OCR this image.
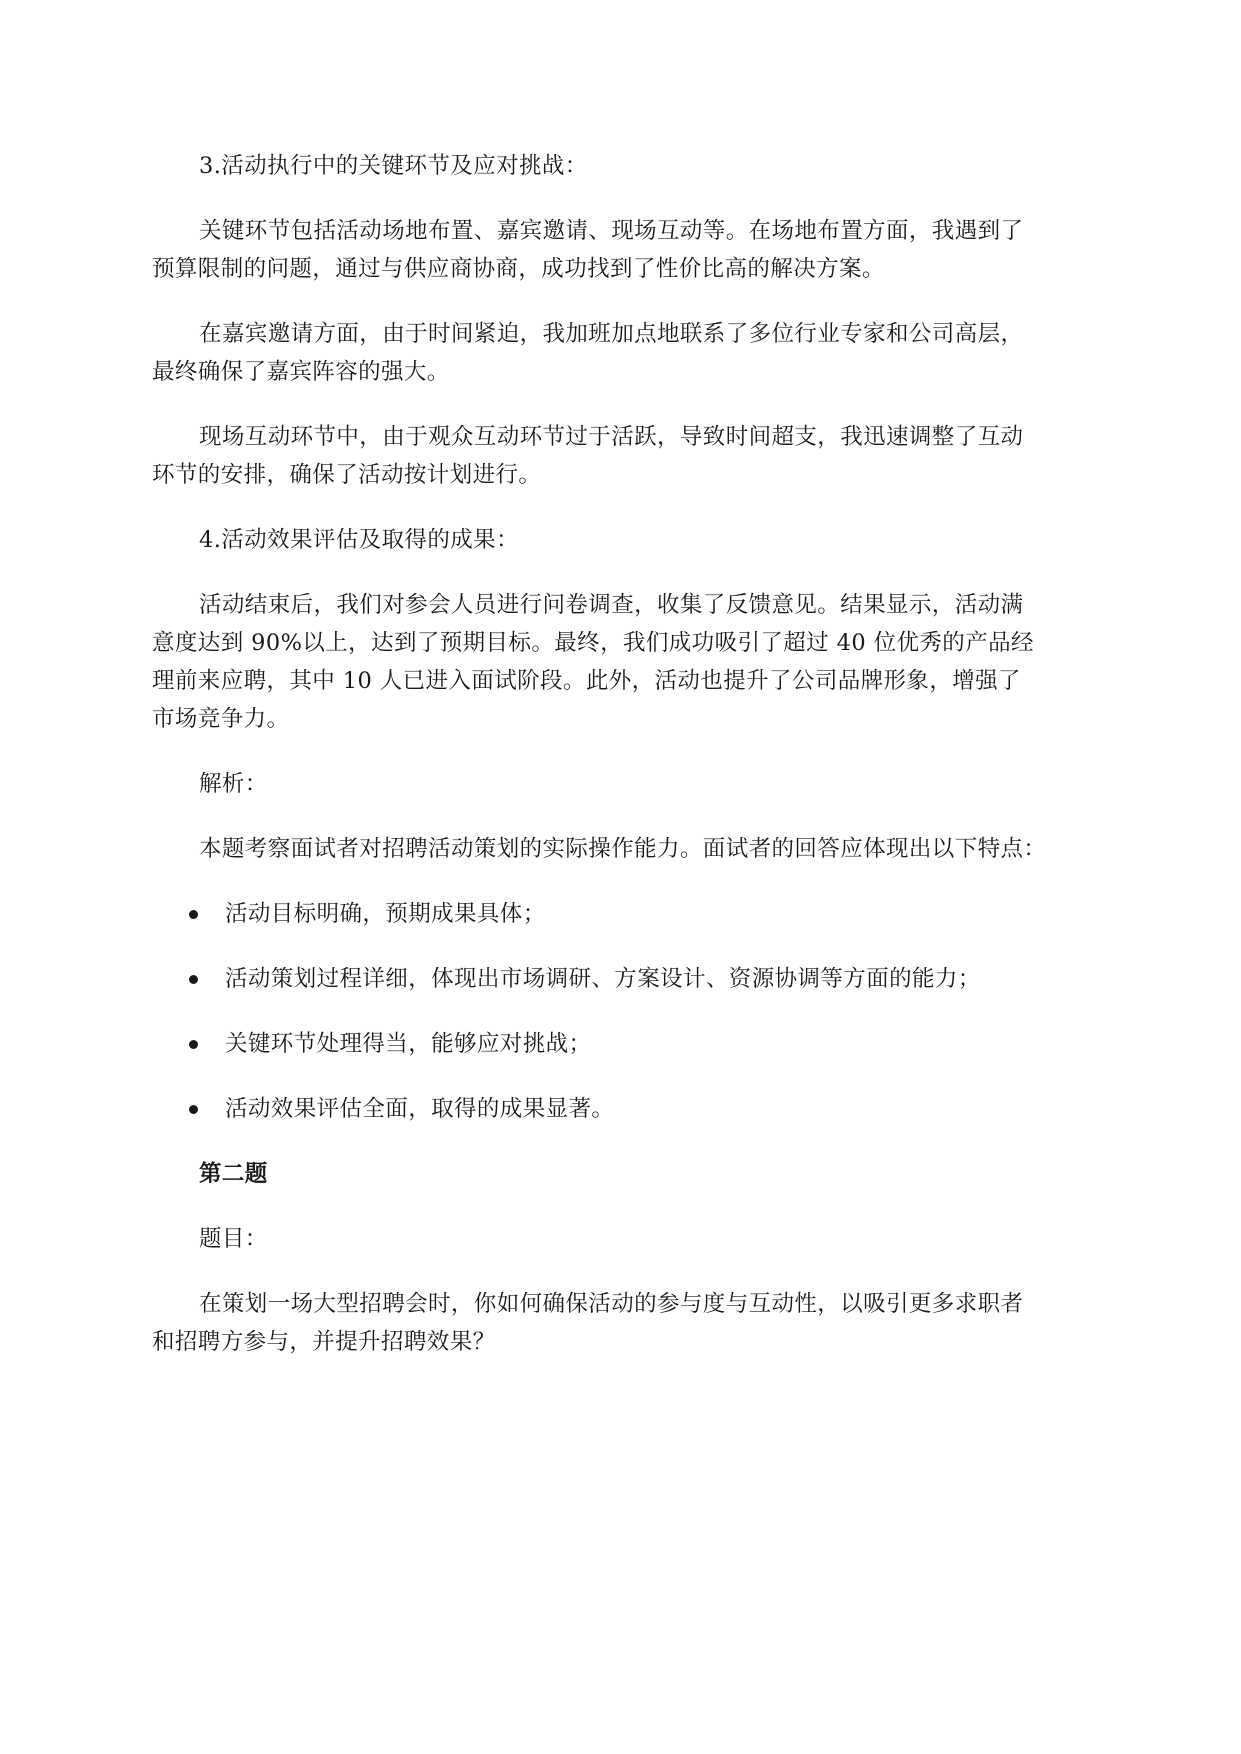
3.活动执行中的关键环节及应对挑战：
关键环节包括活动场地布置、嘉宾邀请、现场互动等。在场地布置方面，我遇到了
预算限制的问题，通过与供应商协商，成功找到了性价比高的解决方案。
在嘉宾邀请方面，由于时间紧迫，我加班加点地联系了多位行业专家和公司高层，
最终确保了嘉宾阵容的强大。
现场互动环节中，由于观众互动环节过于活跃，导致时间超支，我迅速调整了互动
环节的安排，确保了活动按计划进行。
4.活动效果评估及取得的成果：
活动结束后，我们对参会人员进行问卷调查，收集了反馈意见。结果显示，活动满
意度达到 90%以上，达到了预期目标。最终，我们成功吸引了超过 40 位优秀的产品经
理前来应聘，其中 10 人已进入面试阶段。此外，活动也提升了公司品牌形象，增强了
市场竞争力。
解析：
本题考察面试者对招聘活动策划的实际操作能力。面试者的回答应体现出以下特点：
活动目标明确，预期成果具体；
活动策划过程详细，体现出市场调研、方案设计、资源协调等方面的能力；
关键环节处理得当，能够应对挑战；
活动效果评估全面，取得的成果显著。
第二题
题目：
在策划一场大型招聘会时，你如何确保活动的参与度与互动性，以吸引更多求职者
和招聘方参与，并提升招聘效果？
